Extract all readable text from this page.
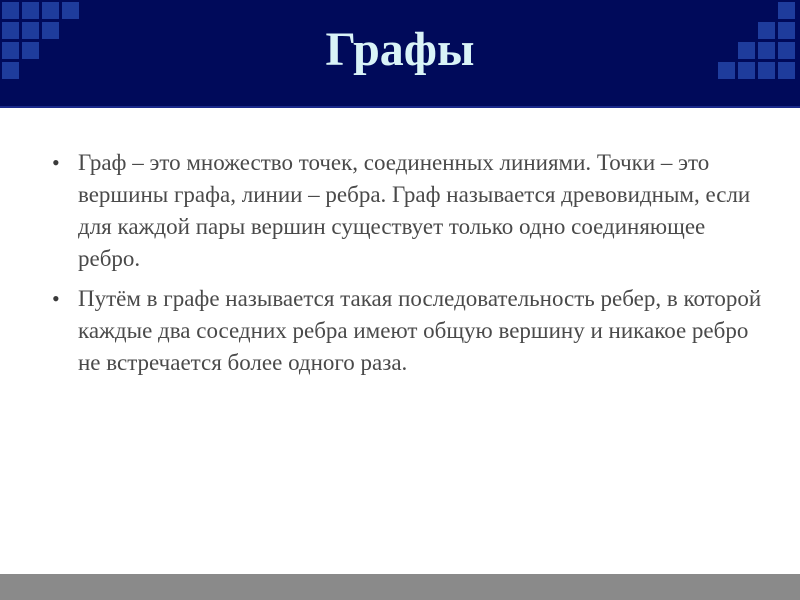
Графы
• Граф – это множество точек, соединенных линиями. Точки – это вершины графа, линии – ребра. Граф называется древовидным, если для каждой пары вершин существует только одно соединяющее ребро.
• Путём в графе называется такая последовательность ребер, в которой каждые два соседних ребра имеют общую вершину и никакое ребро не встречается более одного раза.
